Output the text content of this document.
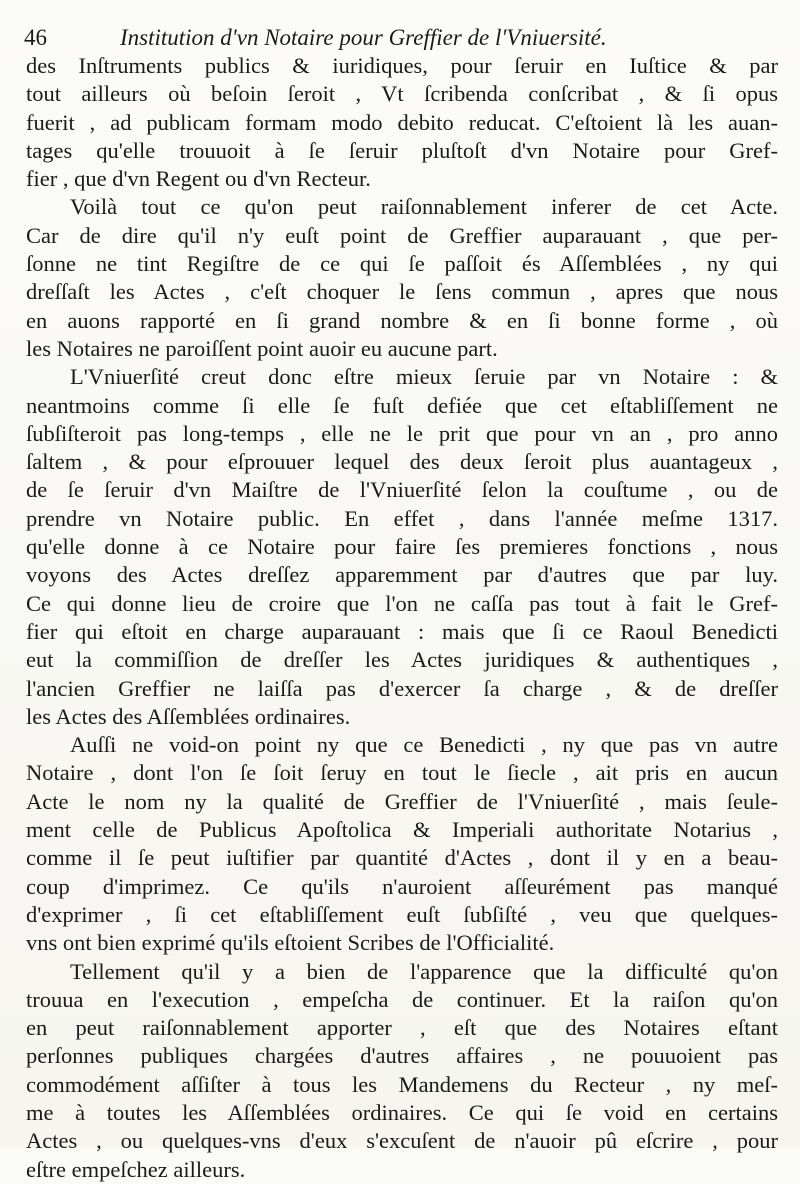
46	Institution d'vn Notaire pour Greffier de l'Vniuersité.
des Inſtruments publics & iuridiques, pour ſeruir en Iuſtice & par
tout ailleurs où beſoin ſeroit , Vt ſcribenda conſcribat , & ſi opus
fuerit , ad publicam formam modo debito reducat. C'eſtoient là les auan-
tages qu'elle trouuoit à ſe ſeruir pluſtoſt d'vn Notaire pour Gref-
fier , que d'vn Regent ou d'vn Recteur.
Voilà tout ce qu'on peut raiſonnablement inferer de cet Acte.
Car de dire qu'il n'y euſt point de Greffier auparauant , que per-
ſonne ne tint Regiſtre de ce qui ſe paſſoit és Aſſemblées , ny qui
dreſſaſt les Actes , c'eſt choquer le ſens commun , apres que nous
en auons rapporté en ſi grand nombre & en ſi bonne forme , où
les Notaires ne paroiſſent point auoir eu aucune part.
L'Vniuerſité creut donc eſtre mieux ſeruie par vn Notaire : &
neantmoins comme ſi elle ſe fuſt defiée que cet eſtabliſſement ne
ſubſiſteroit pas long-temps , elle ne le prit que pour vn an , pro anno
ſaltem , & pour eſprouuer lequel des deux ſeroit plus auantageux ,
de ſe ſeruir d'vn Maiſtre de l'Vniuerſité ſelon la couſtume , ou de
prendre vn Notaire public. En effet , dans l'année meſme 1317.
qu'elle donne à ce Notaire pour faire ſes premieres fonctions , nous
voyons des Actes dreſſez apparemment par d'autres que par luy.
Ce qui donne lieu de croire que l'on ne caſſa pas tout à fait le Gref-
fier qui eſtoit en charge auparauant : mais que ſi ce Raoul Benedicti
eut la commiſſion de dreſſer les Actes juridiques & authentiques ,
l'ancien Greffier ne laiſſa pas d'exercer ſa charge , & de dreſſer
les Actes des Aſſemblées ordinaires.
Auſſi ne void-on point ny que ce Benedicti , ny que pas vn autre
Notaire , dont l'on ſe ſoit ſeruy en tout le ſiecle , ait pris en aucun
Acte le nom ny la qualité de Greffier de l'Vniuerſité , mais ſeule-
ment celle de Publicus Apoſtolica & Imperiali authoritate Notarius ,
comme il ſe peut iuſtifier par quantité d'Actes , dont il y en a beau-
coup d'imprimez. Ce qu'ils n'auroient aſſeurément pas manqué
d'exprimer , ſi cet eſtabliſſement euſt ſubſiſté , veu que quelques-
vns ont bien exprimé qu'ils eſtoient Scribes de l'Officialité.
Tellement qu'il y a bien de l'apparence que la difficulté qu'on
trouua en l'execution , empeſcha de continuer. Et la raiſon qu'on
en peut raiſonnablement apporter , eſt que des Notaires eſtant
perſonnes publiques chargées d'autres affaires , ne pouuoient pas
commodément aſſiſter à tous les Mandemens du Recteur , ny meſ-
me à toutes les Aſſemblées ordinaires. Ce qui ſe void en certains
Actes , ou quelques-vns d'eux s'excuſent de n'auoir pû eſcrire , pour
eſtre empeſchez ailleurs.
